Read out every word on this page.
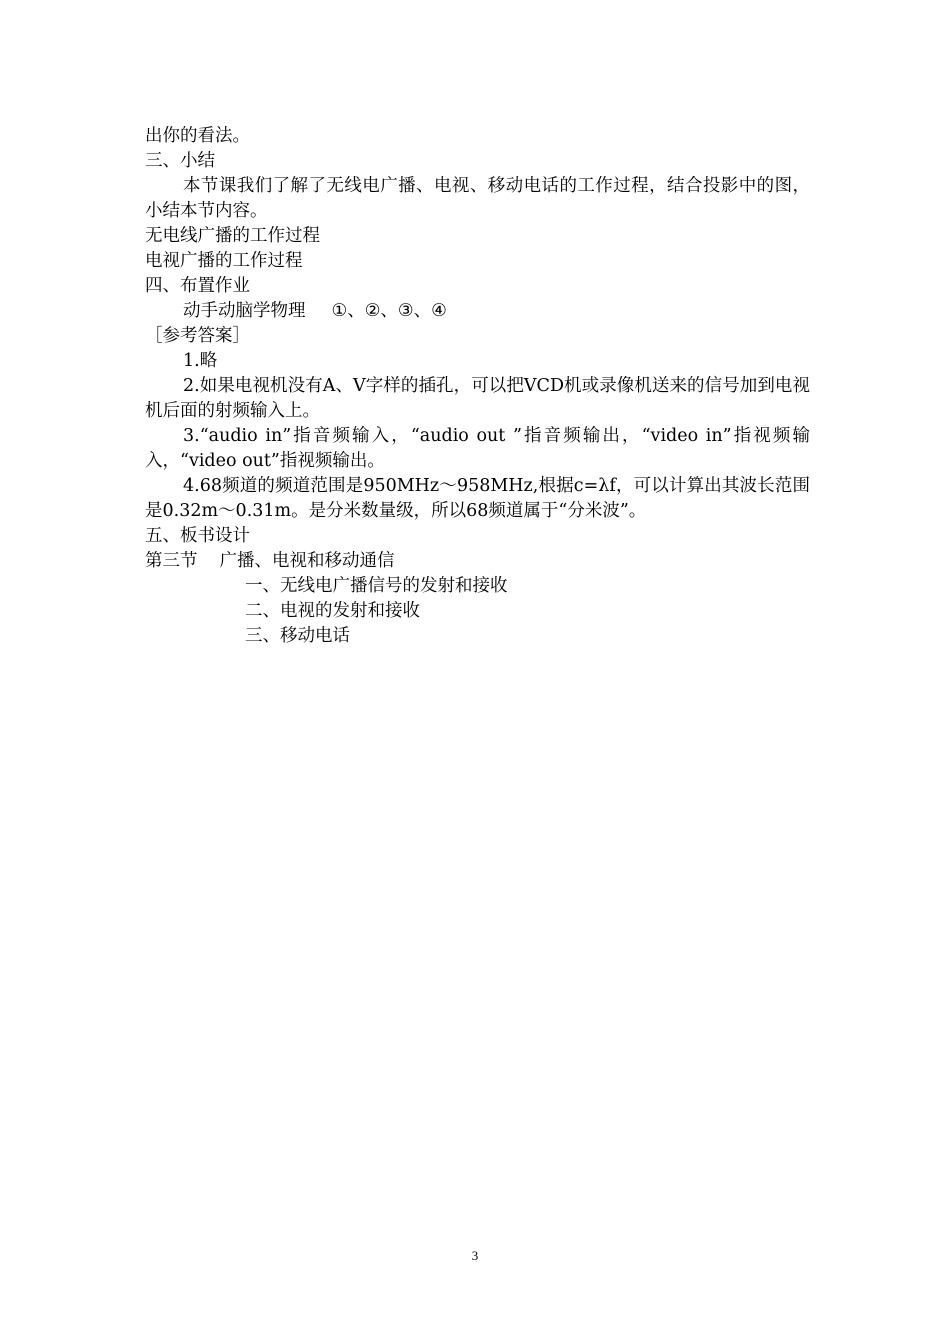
出你的看法。
三、小结
本节课我们了解了无线电广播、电视、移动电话的工作过程，结合投影中的图，小结本节内容。
无电线广播的工作过程
电视广播的工作过程
四、布置作业
动手动脑学物理 ①、②、③、④
［参考答案］
1.略
2.如果电视机没有A、V字样的插孔，可以把VCD机或录像机送来的信号加到电视机后面的射频输入上。
3.“audio in”指音频输入，“audio out ”指音频输出，“video in”指视频输入，“video out”指视频输出。
4.68频道的频道范围是950MHz～958MHz,根据c=λf，可以计算出其波长范围是0.32m～0.31m。是分米数量级，所以68频道属于“分米波”。
五、板书设计
第三节 广播、电视和移动通信
一、无线电广播信号的发射和接收
二、电视的发射和接收
三、移动电话
3
